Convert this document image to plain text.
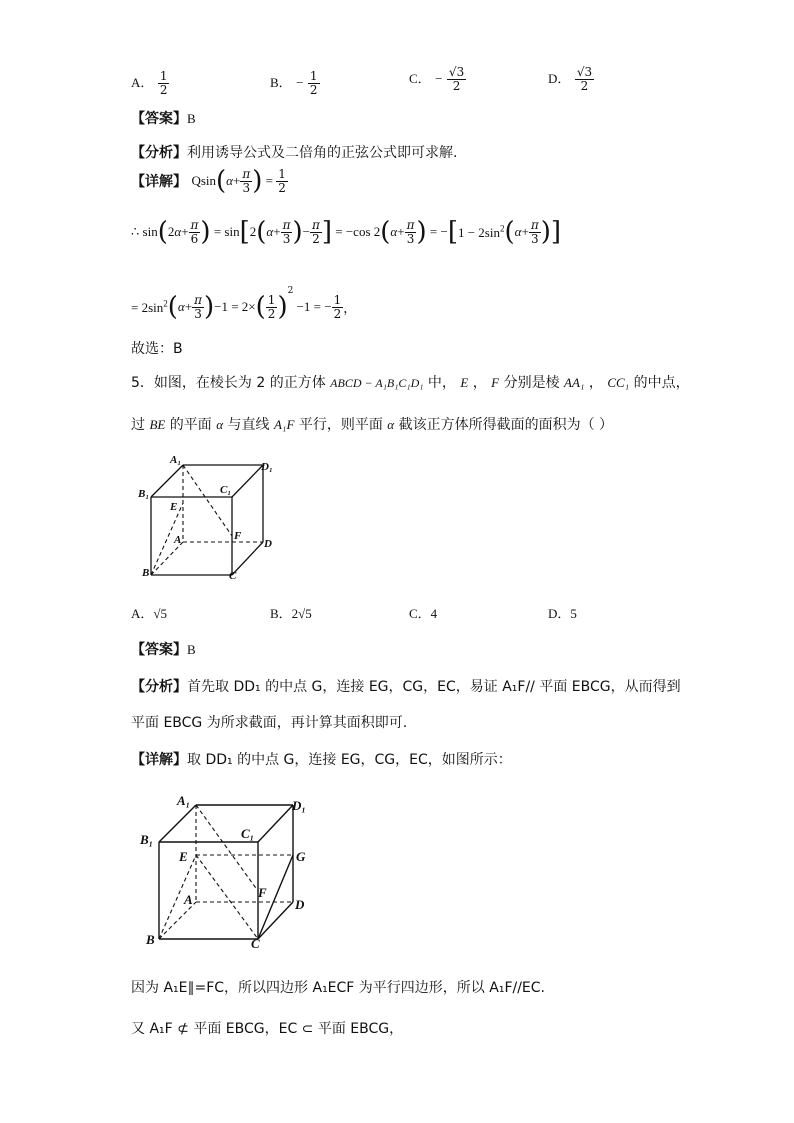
A． $\frac{1}{2}$	B． − $\frac{1}{2}$	C． − $\frac{√3}{2}$	D． $\frac{√3}{2}$
【答案】B
【分析】利用诱导公式及二倍角的正弦公式即可求解.
【详解】 $Qsin(\alpha+ \frac{\pi}{3}$ ) = $\frac{1}{2}$
∴ $\sin(2\alpha+ \frac{\pi}{6}$ ) = $\sin[2(\alpha+ \frac{\pi}{3}$ )− $\frac{\pi}{2}$ ] = −cos $2(\alpha+ \frac{\pi}{3}$ ) = $-[1 - 2\sin^2(\alpha+ \frac{\pi}{3}$ )]
= $2\sin^2(\alpha+ \frac{\pi}{3} )-1 = 2\times( \frac{1}{2} )^2 -1$ = − $\frac{1}{2}$ ，
故选：B
5．如图，在棱长为 2 的正方体 ABCD − A₁B₁C₁D₁ 中， E ， F 分别是棱 AA₁ ， CC₁ 的中点，
过 BE 的平面 α 与直线 A₁F 平行，则平面 α 截该正方体所得截面的面积为（ ）
A₁
D₁
B₁	C₁
E
A	F
D
B	C
A．√5	B．2√5	C．4	D．5
【答案】B
【分析】首先取 DD₁ 的中点 G，连接 EG，CG，EC，易证 A₁F// 平面 EBCG，从而得到
平面 EBCG 为所求截面，再计算其面积即可.
【详解】取 DD₁ 的中点 G，连接 EG，CG，EC，如图所示：
A₁	D₁
B₁	C₁
E	G
A	F
D
B	C
因为 A₁E∥=FC，所以四边形 A₁ECF 为平行四边形，所以 A₁F//EC.
又 A₁F ⊄ 平面 EBCG，EC ⊂ 平面 EBCG，
